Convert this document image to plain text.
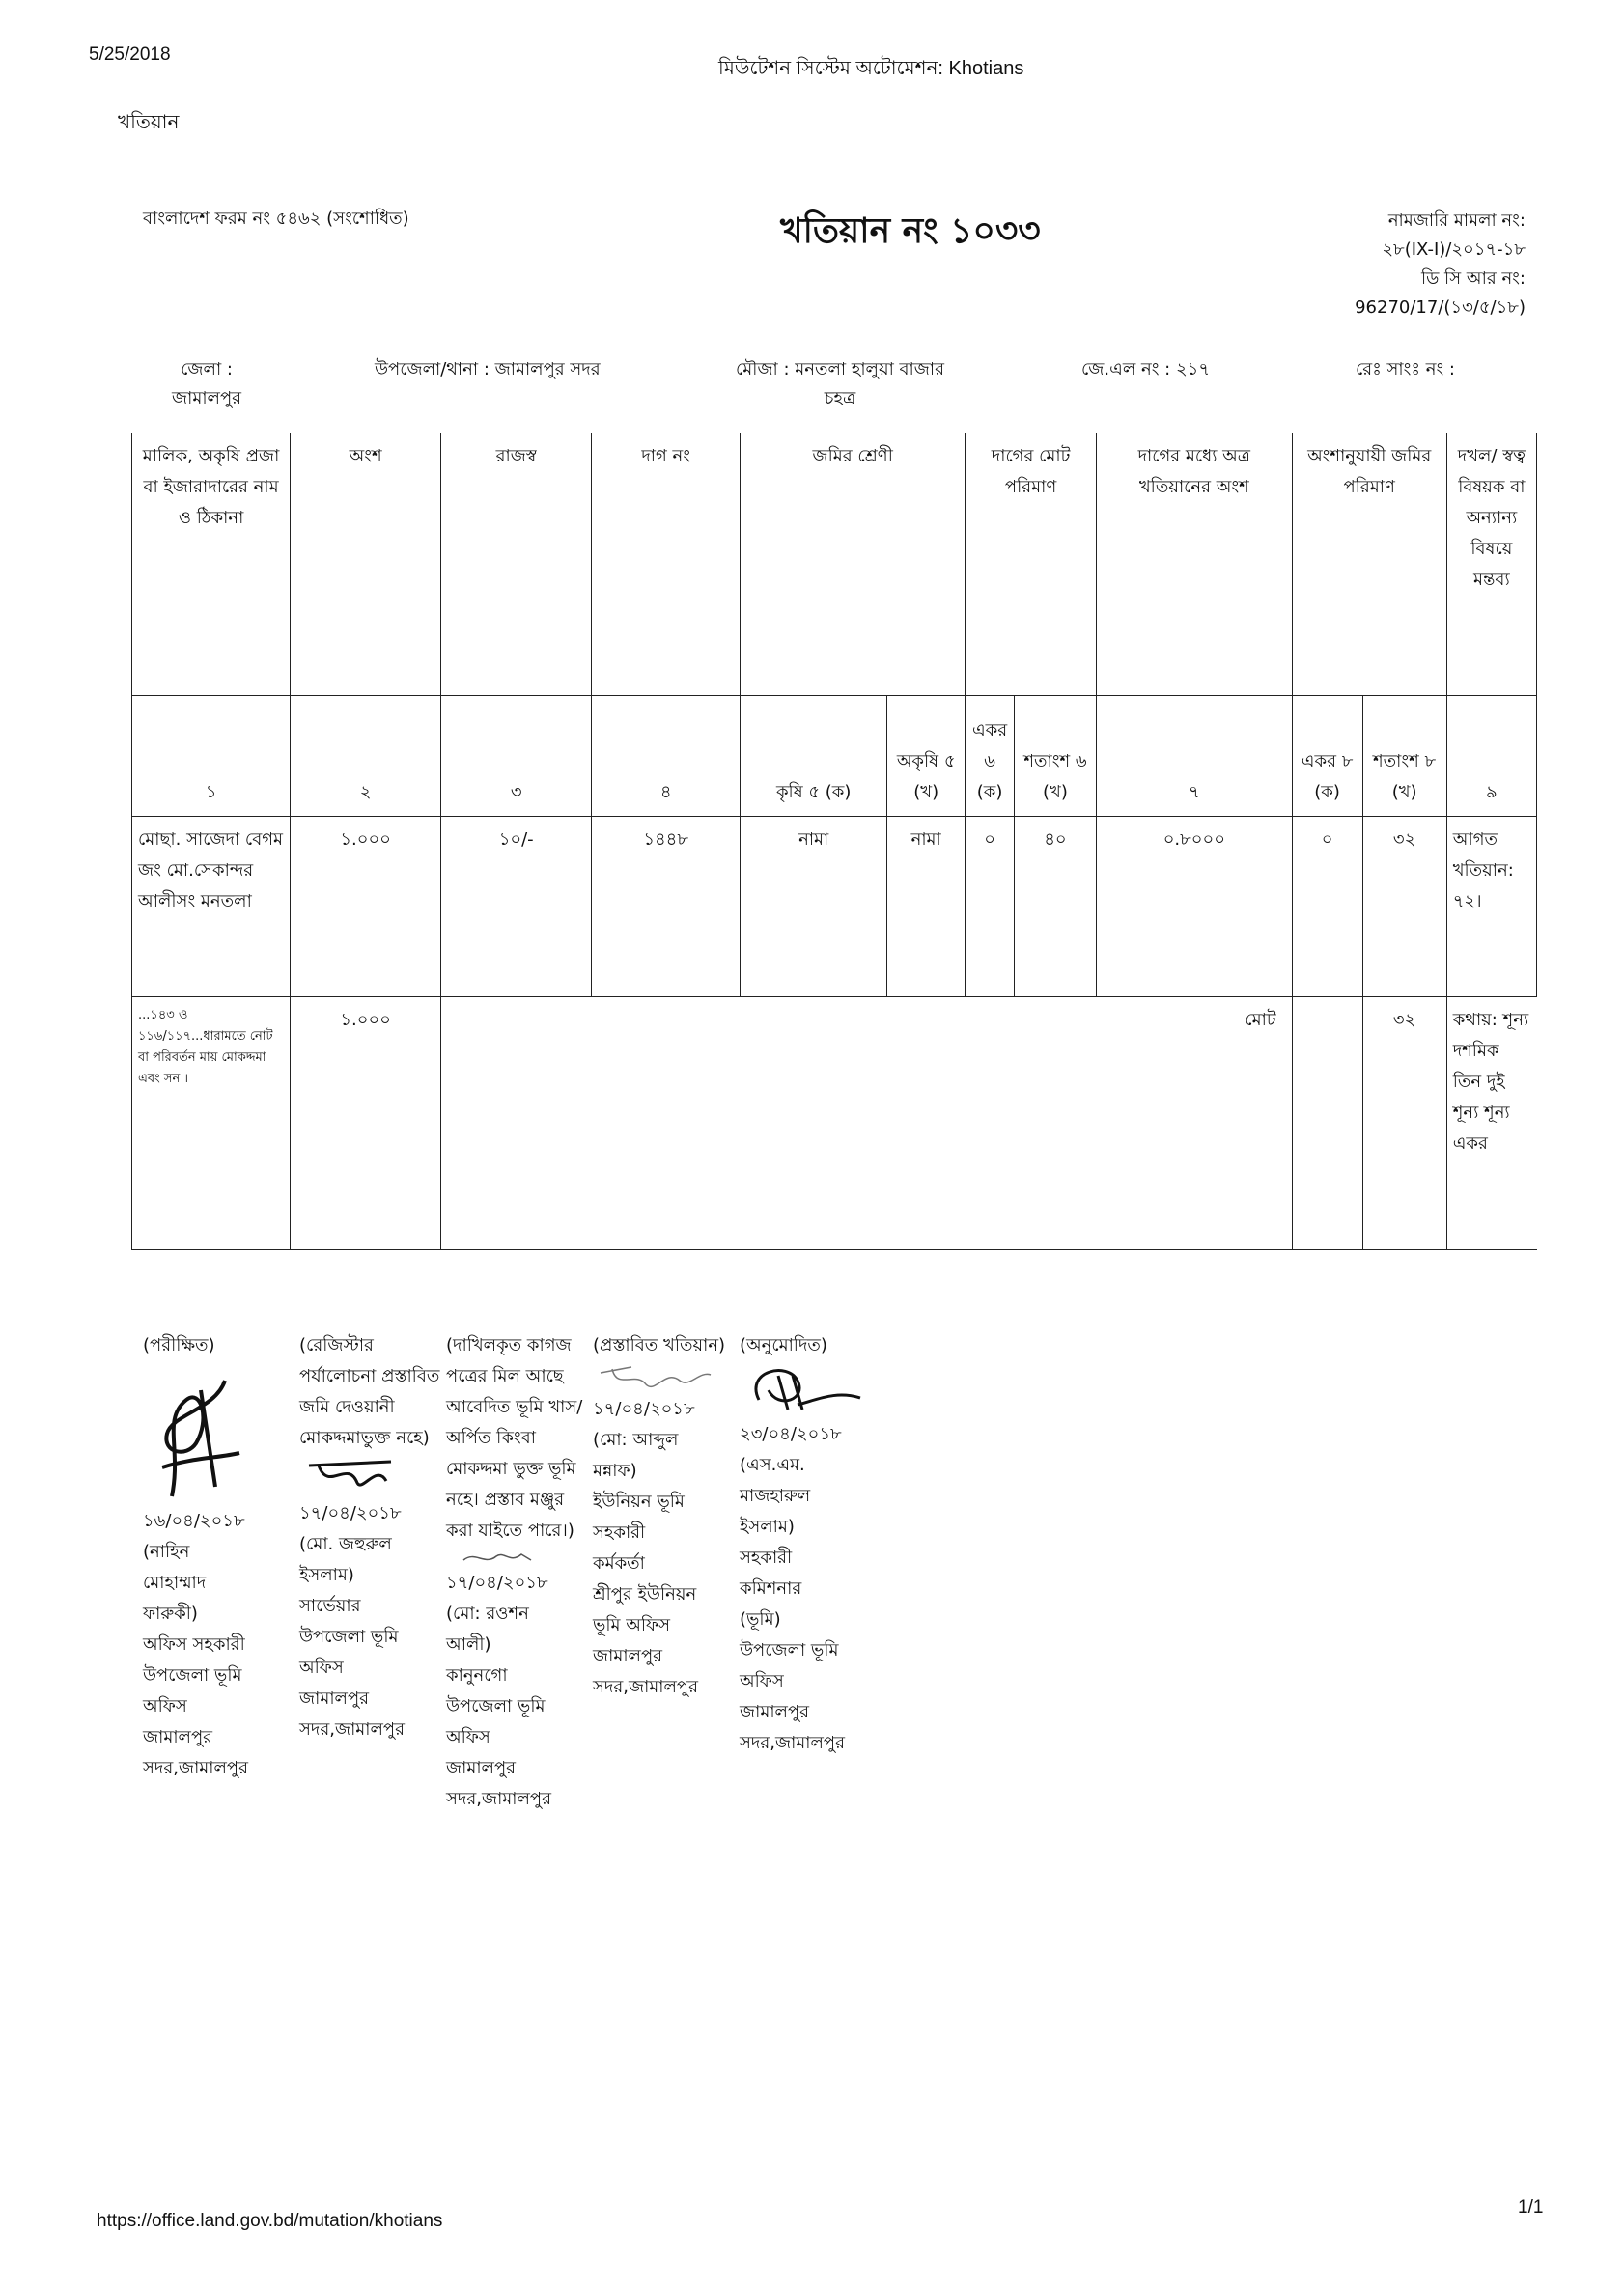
5/25/2018
মিউটেশন সিস্টেম অটোমেশন: Khotians
খতিয়ান
বাংলাদেশ ফরম নং ৫৪৬২ (সংশোধিত)	খতিয়ান নং ১০৩৩	নামজারি মামলা নং:
২৮(IX-I)/২০১৭-১৮
ডি সি আর নং:
96270/17/(১৩/৫/১৮)
জেলা :
জামালপুর
উপজেলা/থানা : জামালপুর সদর	মৌজা : মনতলা হালুয়া বাজার
চহত্র
জে.এল নং : ২১৭	রেঃ সাংঃ নং :
মালিক, অকৃষি প্রজা বা ইজারাদারের নাম ও ঠিকানা	অংশ	রাজস্ব	দাগ নং	জমির শ্রেণী		দাগের মোট পরিমাণ		দাগের মধ্যে অত্র খতিয়ানের অংশ	অংশানুযায়ী জমির পরিমাণ		দখল/ স্বত্ব বিষয়ক বা অন্যান্য বিষয়ে মন্তব্য
১	২	৩	৪	কৃষি ৫ (ক)	অকৃষি ৫ (খ)	একর ৬ (ক)	শতাংশ ৬ (খ)	৭	একর ৮ (ক)	শতাংশ ৮ (খ)	৯
মোছা. সাজেদা বেগম জং মো.সেকান্দর আলীসং মনতলা	১.০০০	১০/-	১৪৪৮	নামা	নামা	০	৪০	০.৮০০০	০	৩২	আগত খতিয়ান: ৭২।
...১৪৩ ও ১১৬/১১৭...ধারামতে নোট বা পরিবর্তন মায় মোকদ্দমা এবং সন ।	১.০০০	মোট								৩২	কথায়: শূন্য দশমিক তিন দুই শূন্য শূন্য একর
(পরীক্ষিত)
১৬/০৪/২০১৮
(নাহিন
মোহাম্মাদ
ফারুকী)
অফিস সহকারী
উপজেলা ভূমি
অফিস
জামালপুর
সদর,জামালপুর
(রেজিস্টার পর্যালোচনা প্রস্তাবিত জমি দেওয়ানী মোকদ্দমাভুক্ত নহে)
১৭/০৪/২০১৮
(মো. জহুরুল
ইসলাম)
সার্ভেয়ার
উপজেলা ভূমি
অফিস
জামালপুর
সদর,জামালপুর
(দাখিলকৃত কাগজ পত্রের মিল আছে আবেদিত ভূমি খাস/ অর্পিত কিংবা মোকদ্দমা ভুক্ত ভূমি নহে। প্রস্তাব মঞ্জুর করা যাইতে পারে।)
১৭/০৪/২০১৮
(মো: রওশন
আলী)
কানুনগো
উপজেলা ভূমি
অফিস
জামালপুর
সদর,জামালপুর
(প্রস্তাবিত খতিয়ান)
১৭/০৪/২০১৮
(মো: আব্দুল
মন্নাফ)
ইউনিয়ন ভূমি
সহকারী
কর্মকর্তা
শ্রীপুর ইউনিয়ন
ভূমি অফিস
জামালপুর
সদর,জামালপুর
(অনুমোদিত)
২৩/০৪/২০১৮
(এস.এম.
মাজহারুল
ইসলাম)
সহকারী
কমিশনার
(ভূমি)
উপজেলা ভূমি
অফিস
জামালপুর
সদর,জামালপুর
https://office.land.gov.bd/mutation/khotians
1/1
